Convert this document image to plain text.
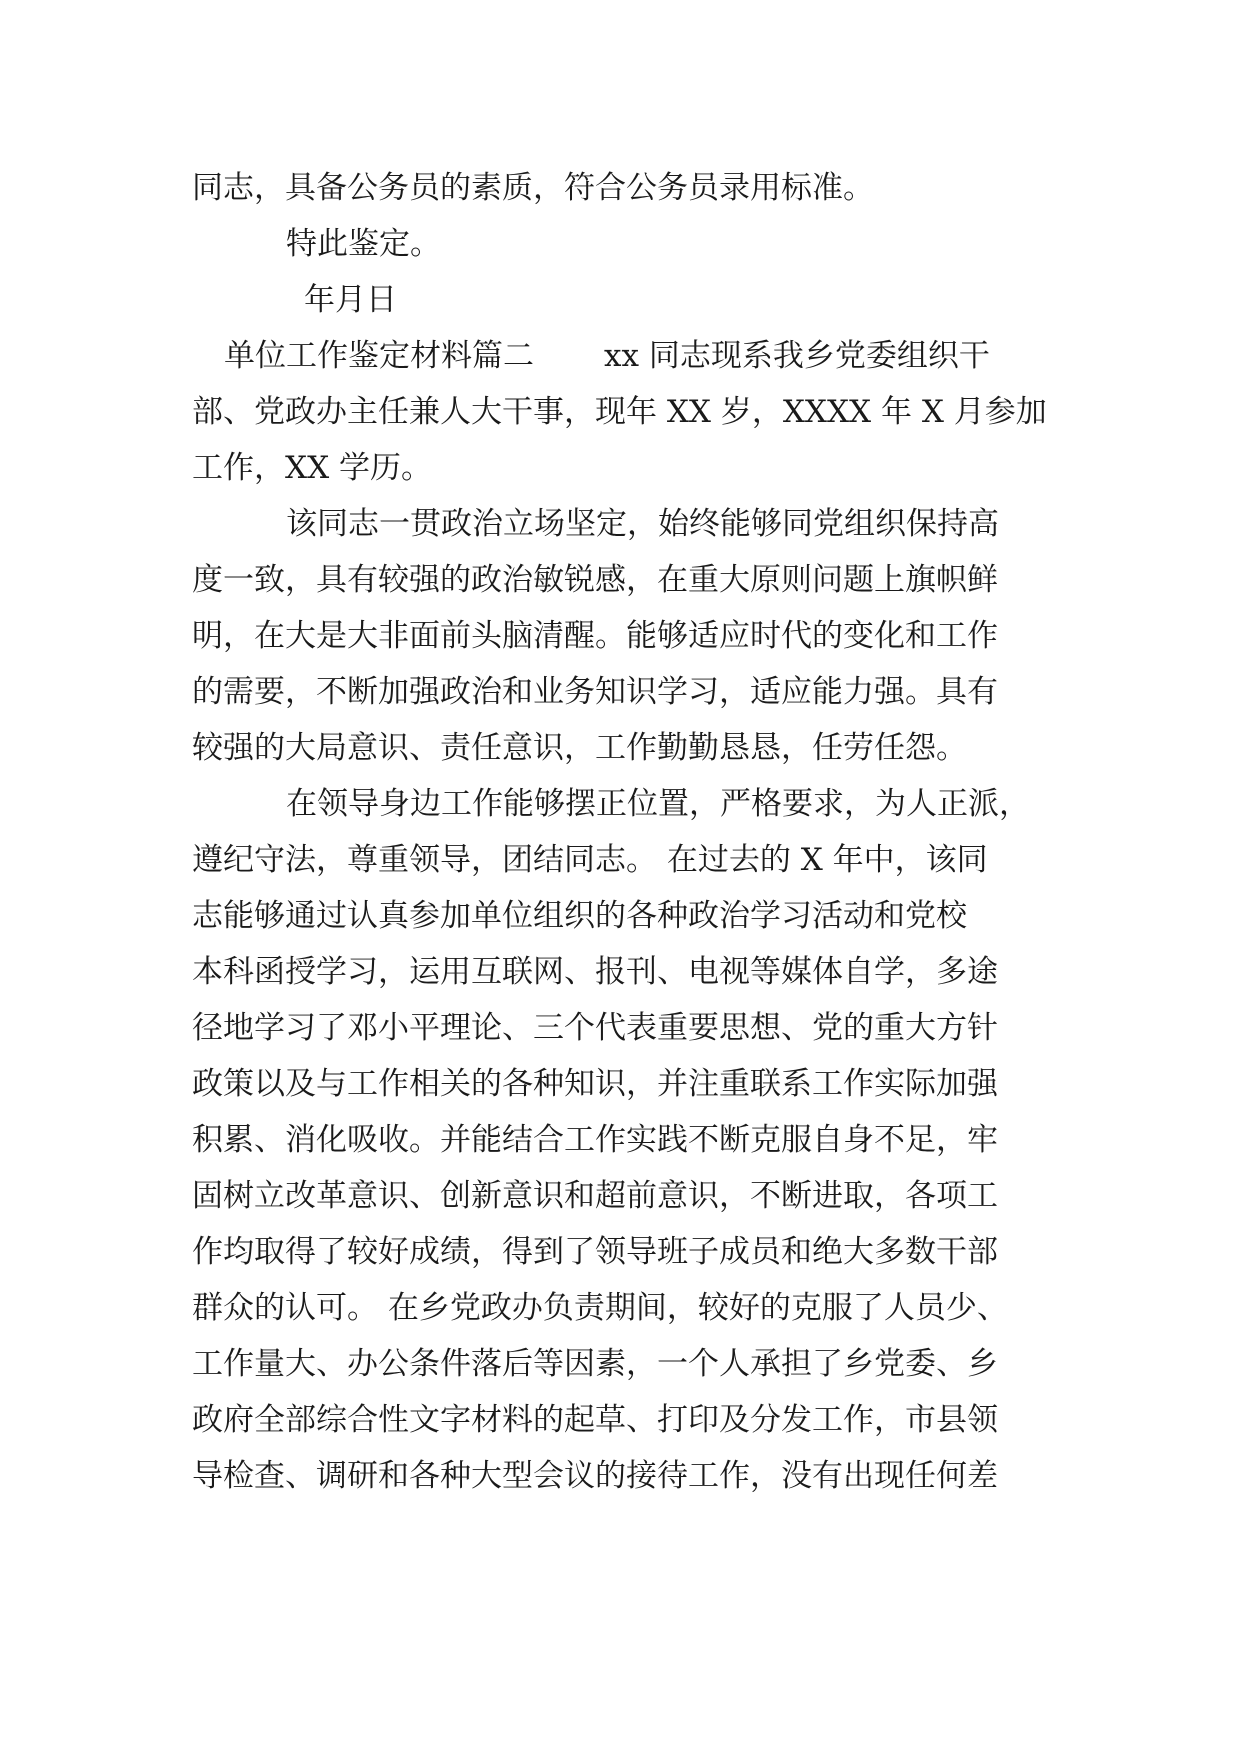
同志，具备公务员的素质，符合公务员录用标准。
特此鉴定。
年月日
单位工作鉴定材料篇二 xx 同志现系我乡党委组织干
部、党政办主任兼人大干事，现年 XX 岁，XXXX 年 X 月参加
工作，XX 学历。
该同志一贯政治立场坚定，始终能够同党组织保持高
度一致，具有较强的政治敏锐感，在重大原则问题上旗帜鲜
明，在大是大非面前头脑清醒。能够适应时代的变化和工作
的需要，不断加强政治和业务知识学习，适应能力强。具有
较强的大局意识、责任意识，工作勤勤恳恳，任劳任怨。
在领导身边工作能够摆正位置，严格要求，为人正派，
遵纪守法，尊重领导，团结同志。 在过去的 X 年中，该同
志能够通过认真参加单位组织的各种政治学习活动和党校
本科函授学习，运用互联网、报刊、电视等媒体自学，多途
径地学习了邓小平理论、三个代表重要思想、党的重大方针
政策以及与工作相关的各种知识，并注重联系工作实际加强
积累、消化吸收。并能结合工作实践不断克服自身不足，牢
固树立改革意识、创新意识和超前意识，不断进取，各项工
作均取得了较好成绩，得到了领导班子成员和绝大多数干部
群众的认可。 在乡党政办负责期间，较好的克服了人员少、
工作量大、办公条件落后等因素，一个人承担了乡党委、乡
政府全部综合性文字材料的起草、打印及分发工作，市县领
导检查、调研和各种大型会议的接待工作，没有出现任何差
